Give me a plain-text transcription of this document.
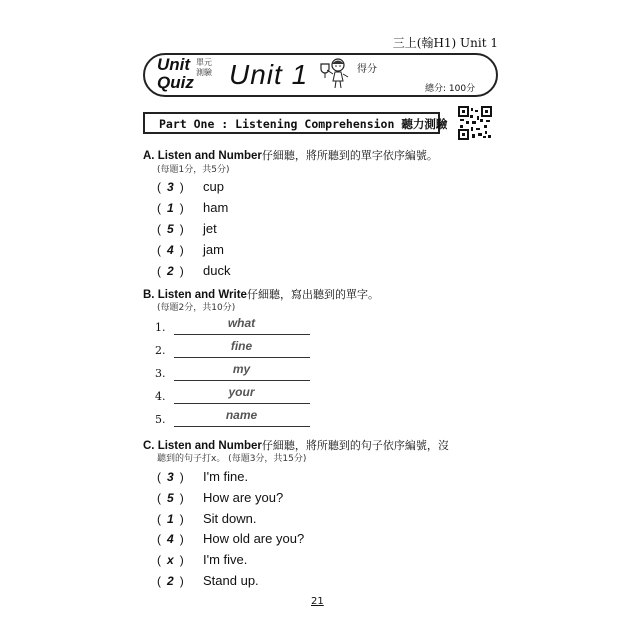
三上(翰H1) Unit 1
Unit
Quiz
單元
測驗 Unit 1	得分
總分: 100分
Part One : Listening Comprehension 聽力測驗
A. Listen and Number仔細聽，將所聽到的單字依序編號。
(每題1分，共5分)
( 3 ) cup
( 1 ) ham
( 5 ) jet
( 4 ) jam
( 2 ) duck
B. Listen and Write仔細聽，寫出聽到的單字。
(每題2分，共10分)
1.	what
2.	fine
3.	my
4.	your
5.	name
C. Listen and Number仔細聽，將所聽到的句子依序編號，沒
聽到的句子打x。 (每題3分，共15分)
( 3 ) I'm fine.
( 5 ) How are you?
( 1 ) Sit down.
( 4 ) How old are you?
( x ) I'm five.
( 2 ) Stand up.
21
